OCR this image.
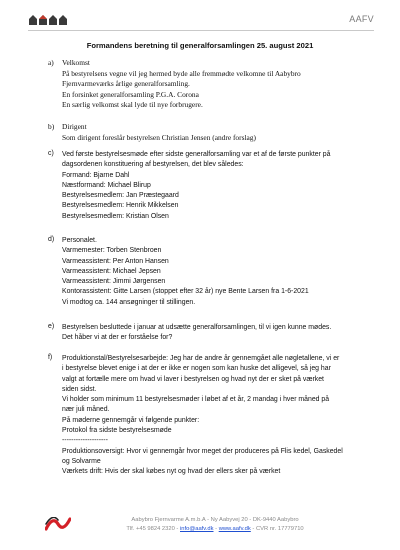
AAFV
Formandens beretning til generalforsamlingen 25. august 2021
a) Velkomst
På bestyrelsens vegne vil jeg hermed byde alle fremmødte velkomne til Aabybro
Fjernvarmeværks årlige generalforsamling.
En forsinket generalforsamling P.G.A. Corona
En særlig velkomst skal lyde til nye forbrugere.
b) Dirigent
Som dirigent foreslår bestyrelsen Christian Jensen (andre forslag)
c) Ved første bestyrelsesmøde efter sidste generalforsamling var et af de første punkter på
dagsordenen konstituering af bestyrelsen, det blev således:
Formand: Bjarne Dahl
Næstformand: Michael Blirup
Bestyrelsesmedlem: Jan Præstegaard
Bestyrelsesmedlem: Henrik Mikkelsen
Bestyrelsesmedlem: Kristian Olsen
d) Personalet.
Varmemester: Torben Stenbroen
Varmeassistent: Per Anton Hansen
Varmeassistent: Michael Jepsen
Varmeassistent: Jimmi Jørgensen
Kontorassistent: Gitte Larsen (stoppet efter 32 år) nye Bente Larsen fra 1-6-2021
Vi modtog ca. 144 ansøgninger til stillingen.
e) Bestyrelsen besluttede i januar at udsætte generalforsamlingen, til vi igen kunne mødes.
Det håber vi at der er forståelse for?
f) Produktionstal/Bestyrelsesarbejde: Jeg har de andre år gennemgået alle nøgletallene, vi er
i bestyrelse blevet enige i at der er ikke er nogen som kan huske det alligevel, så jeg har
valgt at fortælle mere om hvad vi laver i bestyrelsen og hvad nyt der er sket på værket
siden sidst.
Vi holder som minimum 11 bestyrelsesmøder i løbet af et år, 2 mandag i hver måned på
nær juli måned.
På møderne gennemgår vi følgende punkter:
Protokol fra sidste bestyrelsesmøde
--------------------
Produktionsoversigt: Hvor vi gennemgår hvor meget der produceres på Flis kedel, Gaskedel
og Solvarme
Værkets drift: Hvis der skal købes nyt og hvad der ellers sker på værket
Aabybro Fjernvarme A.m.b.A - Ny Aabyvej 20 - DK-9440 Aabybro
Tlf. +45 9824 2320 - info@aafv.dk - www.aafv.dk - CVR nr. 17779710
